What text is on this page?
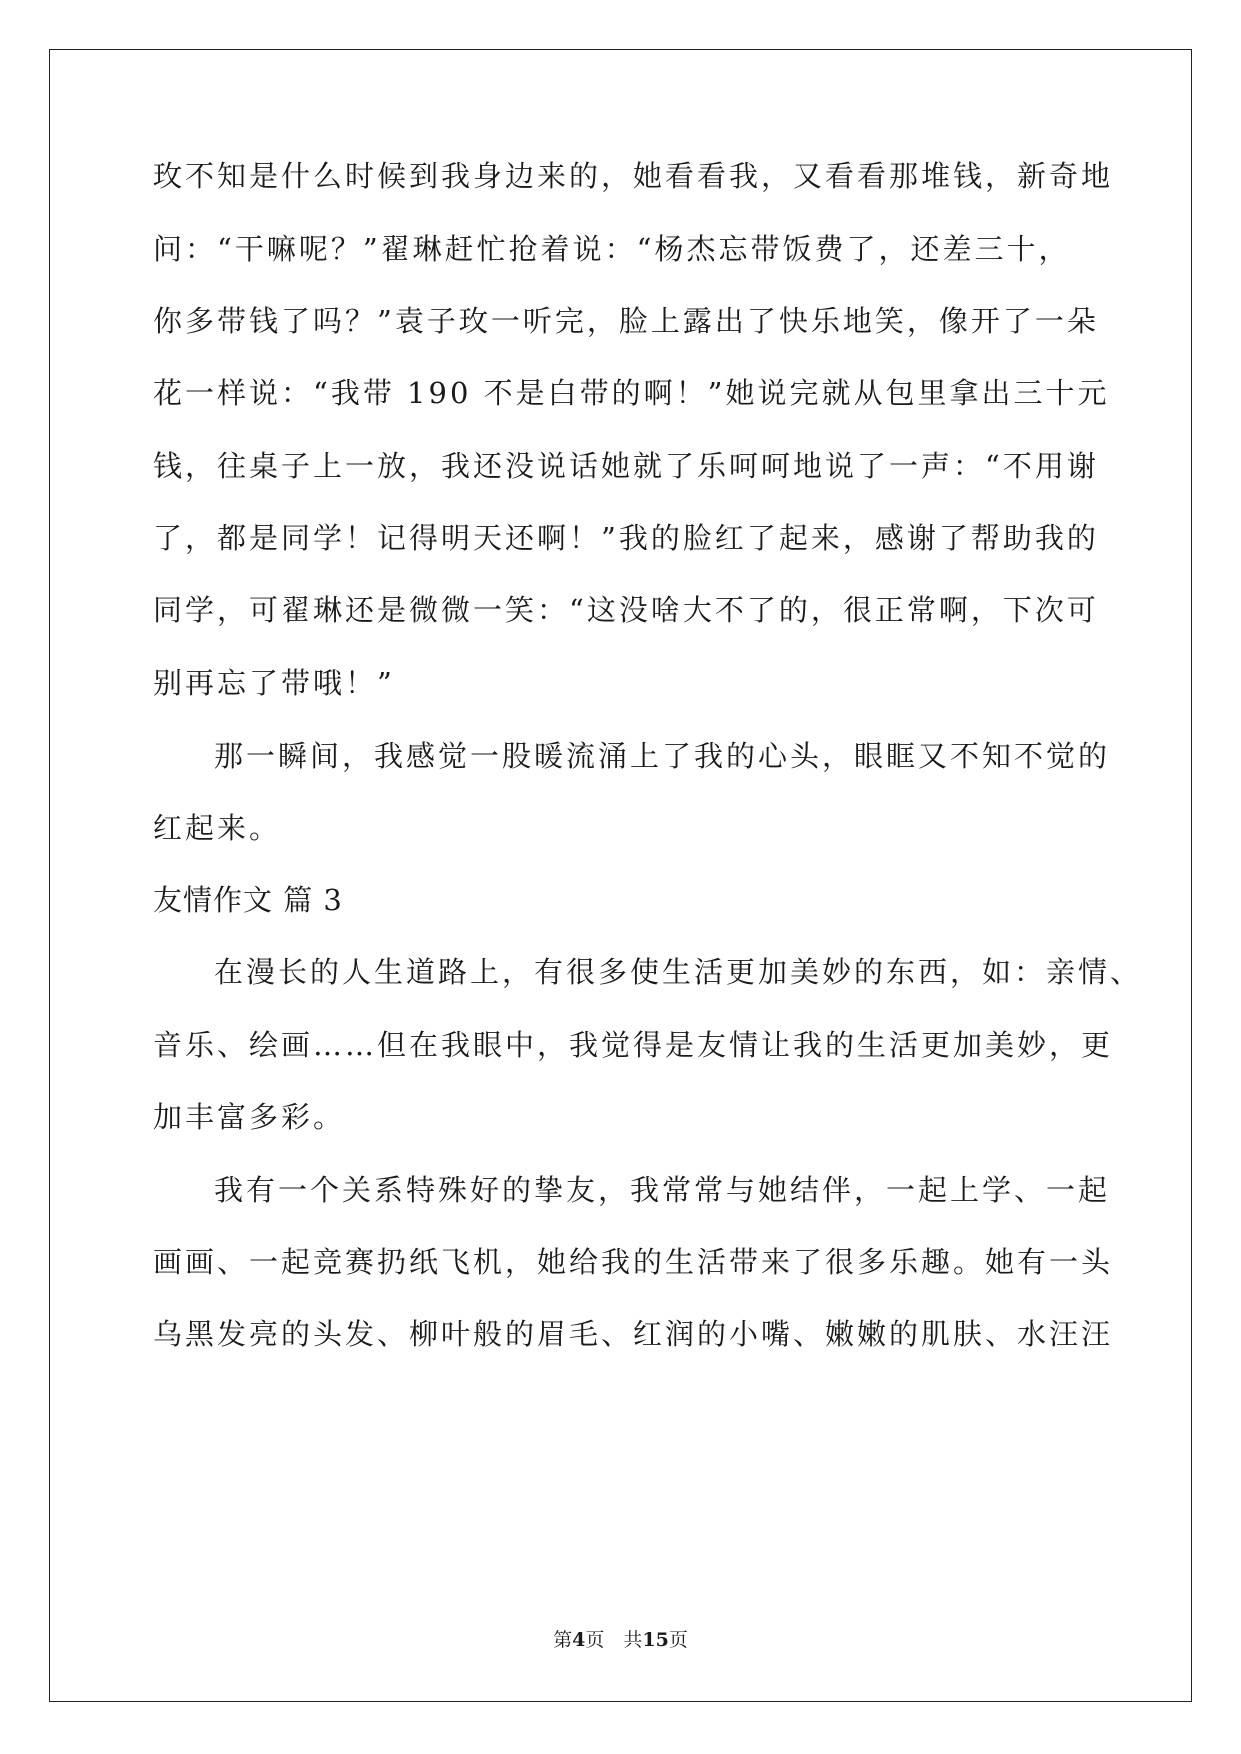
玫不知是什么时候到我身边来的，她看看我，又看看那堆钱，新奇地
问：“干嘛呢？”翟琳赶忙抢着说：“杨杰忘带饭费了，还差三十，
你多带钱了吗？”袁子玫一听完，脸上露出了快乐地笑，像开了一朵
花一样说：“我带 190 不是白带的啊！”她说完就从包里拿出三十元
钱，往桌子上一放，我还没说话她就了乐呵呵地说了一声：“不用谢
了，都是同学！记得明天还啊！”我的脸红了起来，感谢了帮助我的
同学，可翟琳还是微微一笑：“这没啥大不了的，很正常啊，下次可
别再忘了带哦！”
那一瞬间，我感觉一股暖流涌上了我的心头，眼眶又不知不觉的
红起来。
友情作文 篇 3
在漫长的人生道路上，有很多使生活更加美妙的东西，如：亲情、
音乐、绘画……但在我眼中，我觉得是友情让我的生活更加美妙，更
加丰富多彩。
我有一个关系特殊好的挚友，我常常与她结伴，一起上学、一起
画画、一起竞赛扔纸飞机，她给我的生活带来了很多乐趣。她有一头
乌黑发亮的头发、柳叶般的眉毛、红润的小嘴、嫩嫩的肌肤、水汪汪
第4页　共15页
